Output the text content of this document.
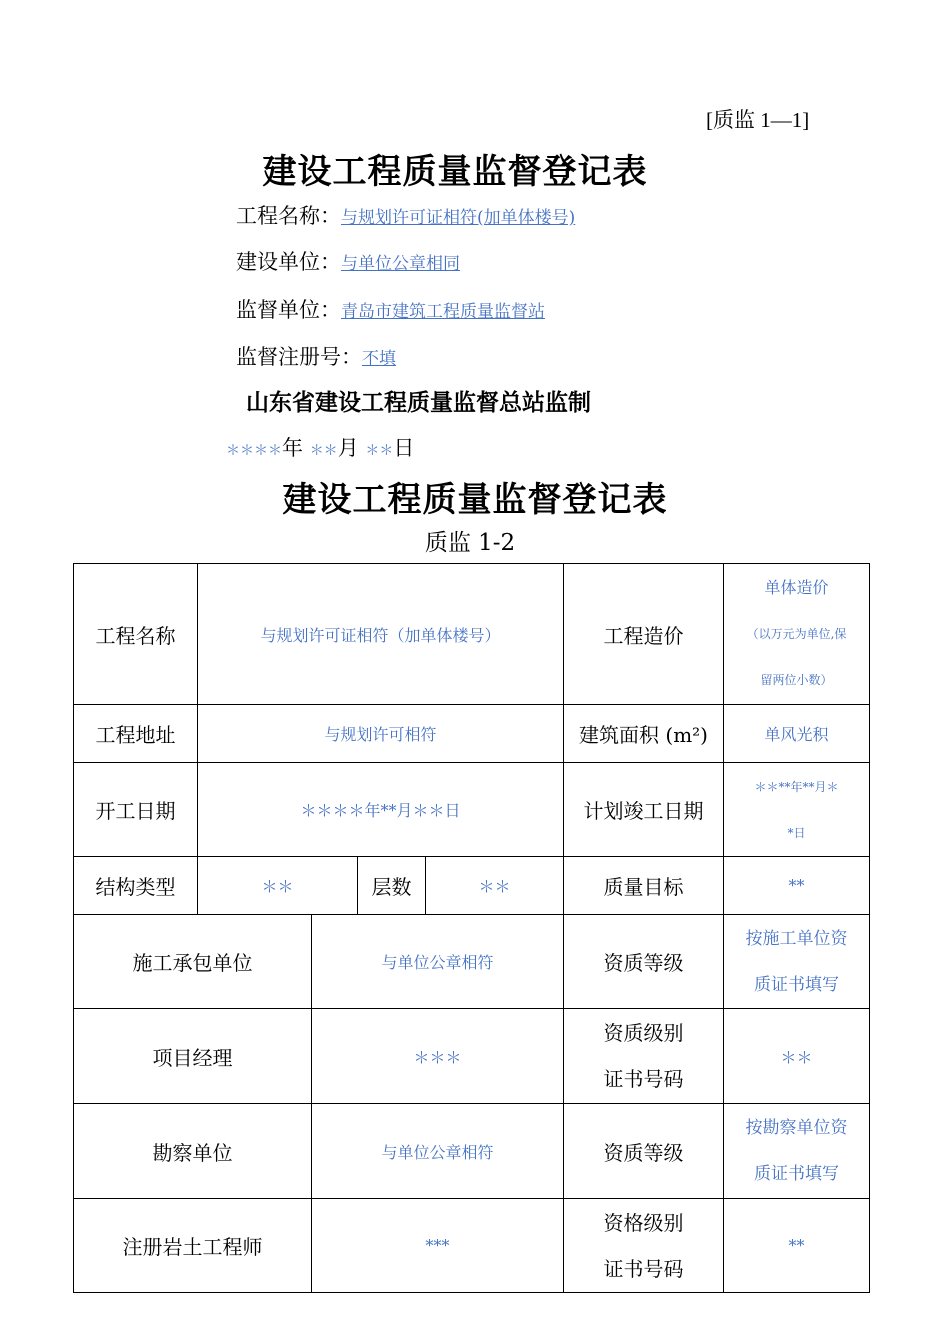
[质监 1—1]
建设工程质量监督登记表
工程名称：与规划许可证相符(加单体楼号)
建设单位：与单位公章相同
监督单位：青岛市建筑工程质量监督站
监督注册号：不填
山东省建设工程质量监督总站监制
＊＊＊＊年 ＊＊月 ＊＊日
建设工程质量监督登记表
质监 1-2
工程名称	与规划许可证相符（加单体楼号）				工程造价	单体造价
（以万元为单位,保
留两位小数）

工程地址	与规划许可相符				建筑面积 (m²)	单风光积
开工日期	＊＊＊＊年**月＊＊日				计划竣工日期	＊＊**年**月＊
*日

结构类型	＊＊		层数	＊＊	质量目标	**
施工承包单位		与单位公章相符			资质等级	按施工单位资
质证书填写

项目经理		＊＊＊			资质级别
证书号码	＊＊
勘察单位		与单位公章相符			资质等级	按勘察单位资
质证书填写

注册岩土工程师		***			资格级别
证书号码	**
